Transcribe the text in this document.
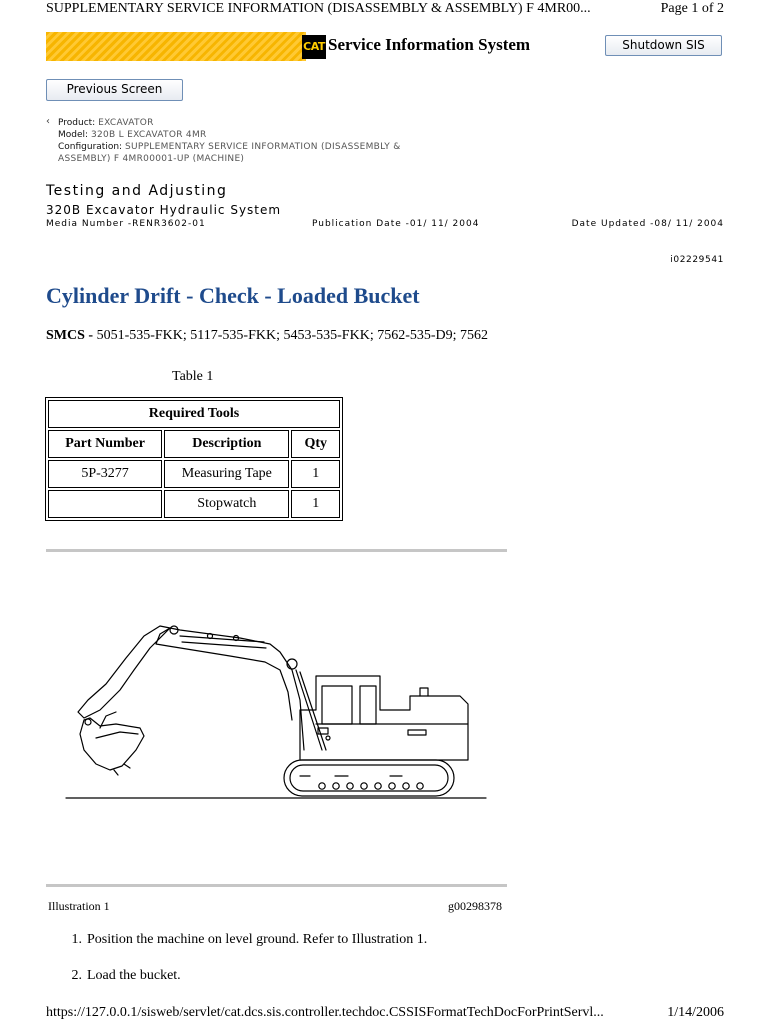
SUPPLEMENTARY SERVICE INFORMATION (DISASSEMBLY & ASSEMBLY) F 4MR00...	Page 1 of 2
CAT Service Information System	Shutdown SIS
Previous Screen
‹ Product: EXCAVATOR
Model: 320B L EXCAVATOR 4MR
Configuration: SUPPLEMENTARY SERVICE INFORMATION (DISASSEMBLY &
ASSEMBLY) F 4MR00001-UP (MACHINE)
Testing and Adjusting
320B Excavator Hydraulic System
Media Number -RENR3602-01	Publication Date -01/ 11/ 2004	Date Updated -08/ 11/ 2004
i02229541
Cylinder Drift - Check - Loaded Bucket
SMCS - 5051-535-FKK; 5117-535-FKK; 5453-535-FKK; 7562-535-D9; 7562
Table 1
Required Tools		
Part Number	Description	Qty
5P-3277	Measuring Tape	1
	Stopwatch	1
Illustration 1	g00298378
1. Position the machine on level ground. Refer to Illustration 1.
2. Load the bucket.
https://127.0.0.1/sisweb/servlet/cat.dcs.sis.controller.techdoc.CSSISFormatTechDocForPrintServl...	1/14/2006
